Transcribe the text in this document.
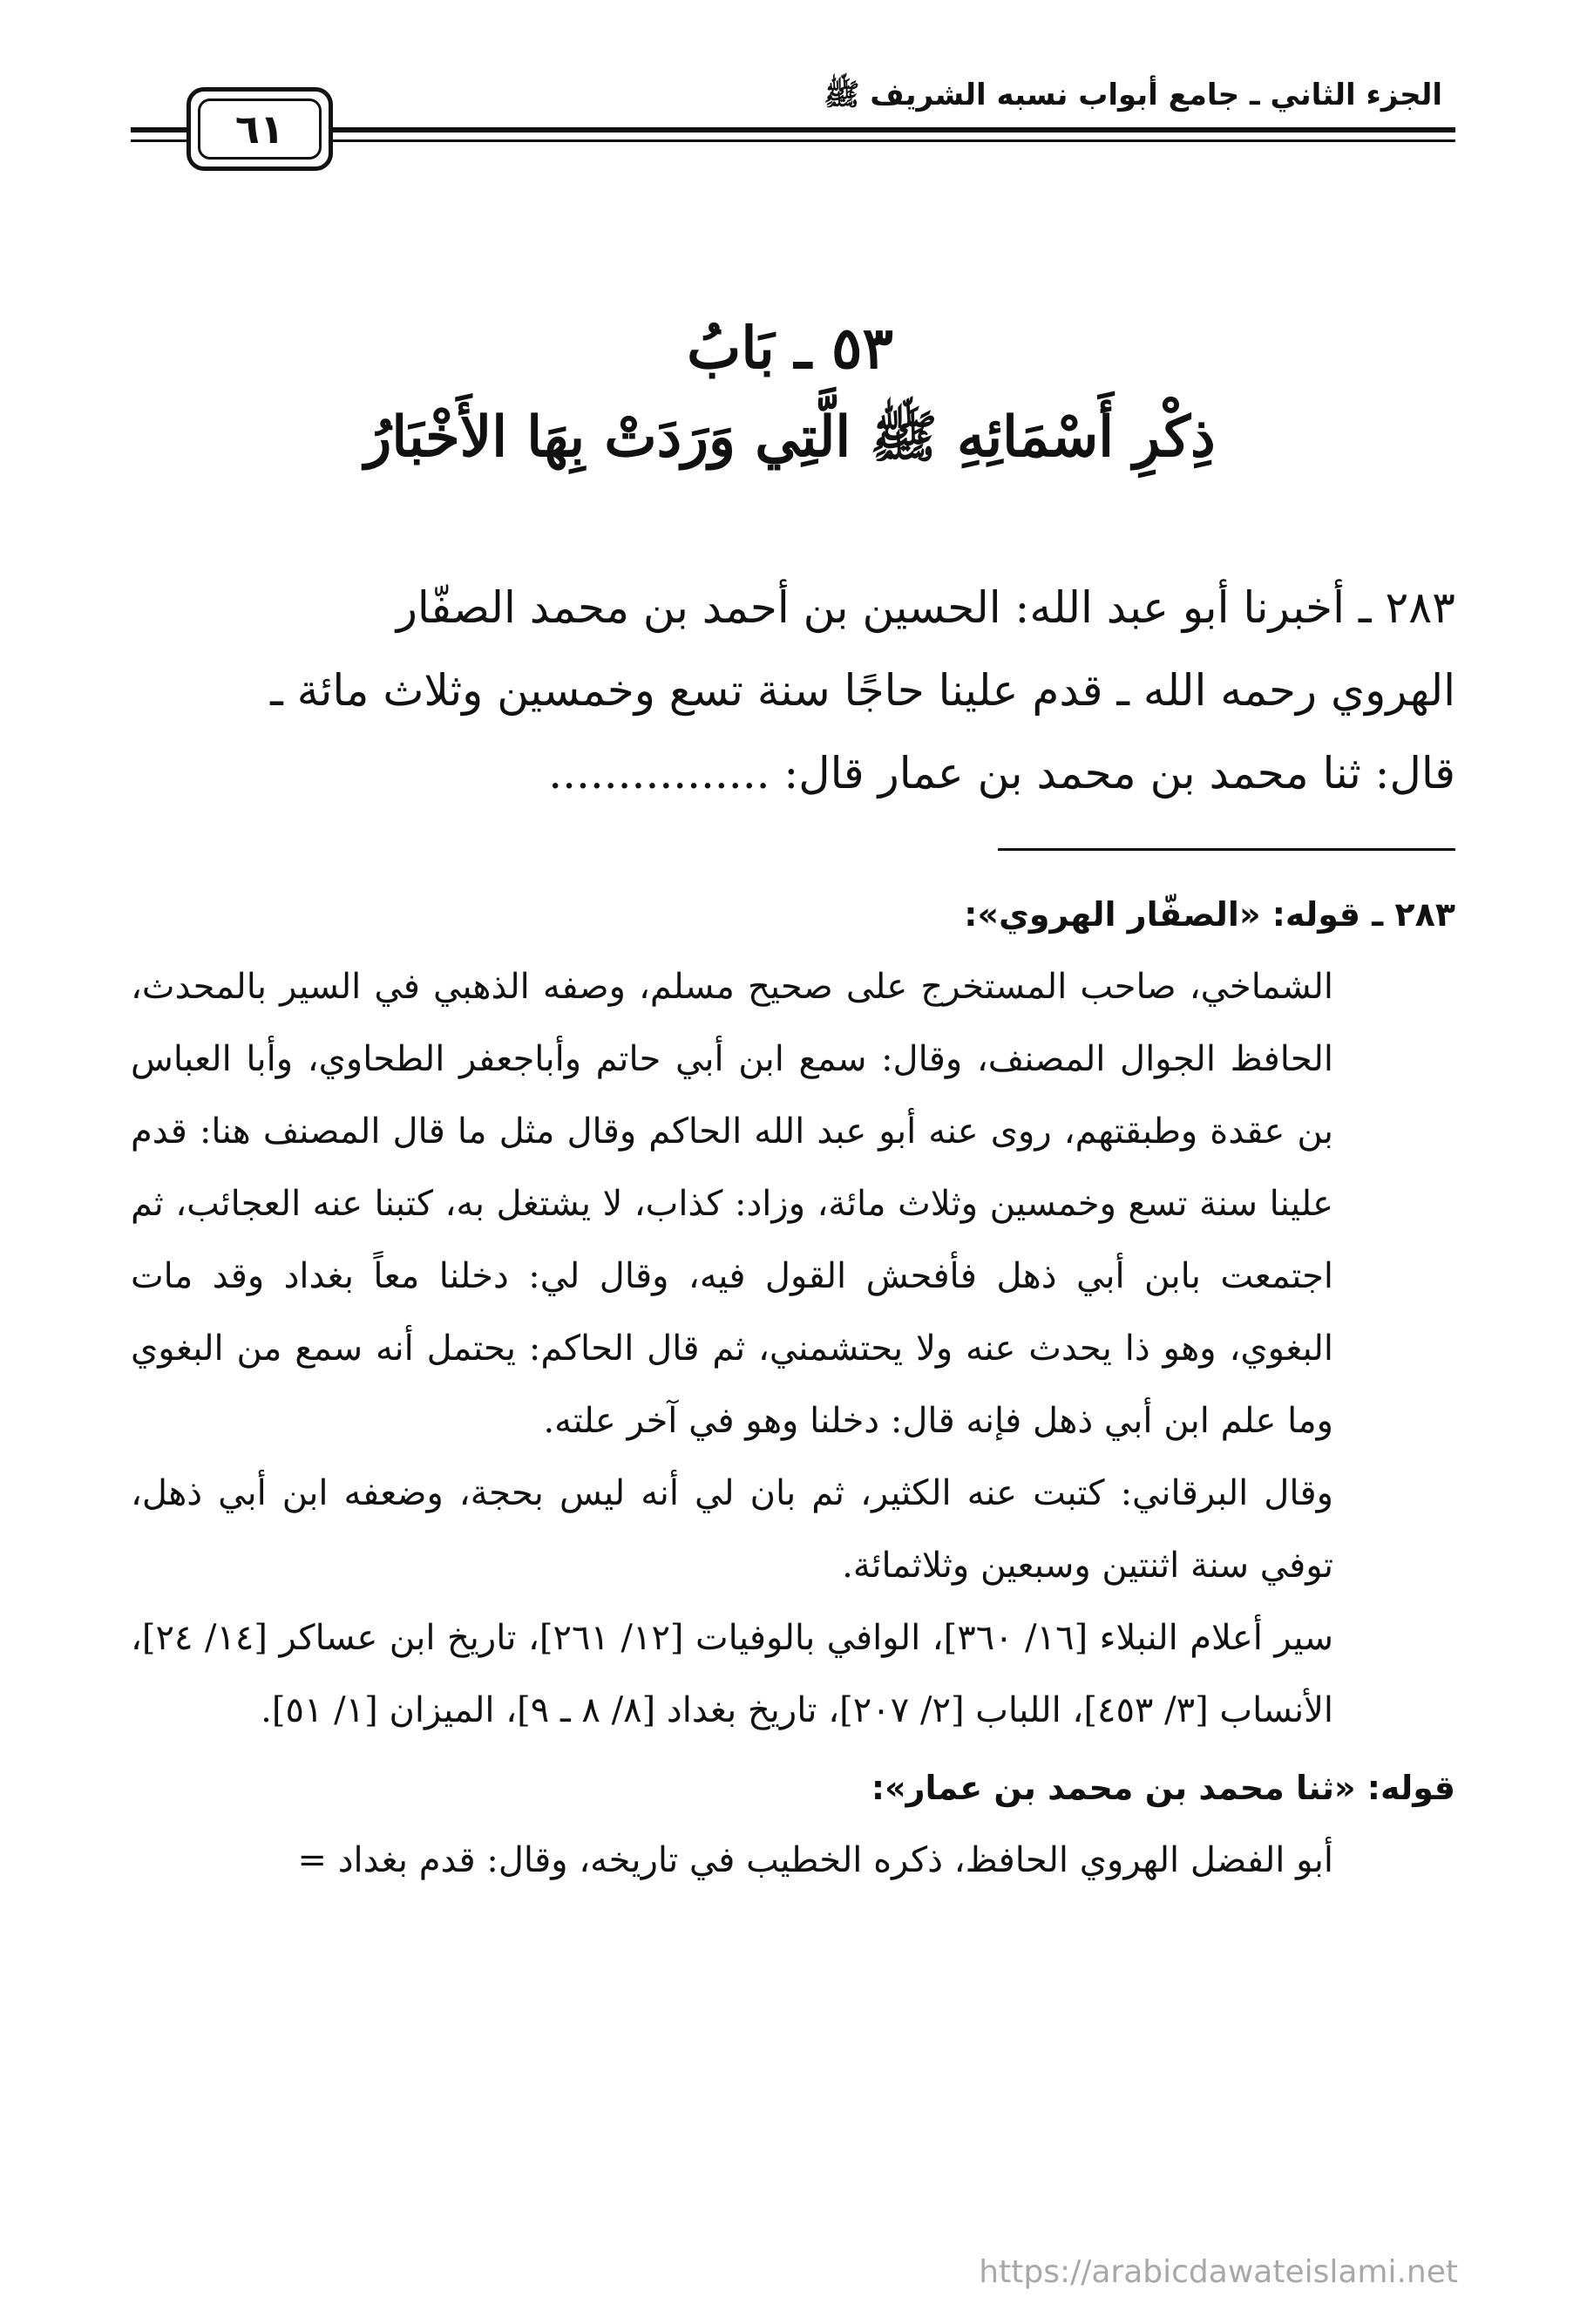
الجزء الثاني ـ جامع أبواب نسبه الشريف ﷺ
٦١
٥٣ ـ بَابُ
ذِكْرِ أَسْمَائِهِ ﷺ الَّتِي وَرَدَتْ بِهَا الأَخْبَارُ

٢٨٣ ـ أخبرنا أبو عبد الله: الحسين بن أحمد بن محمد الصفّار

الهروي رحمه الله ـ قدم علينا حاجًا سنة تسع وخمسين وثلاث مائة ـ

قال: ثنا محمد بن محمد بن عمار قال: ................

٢٨٣ ـ قوله: «الصفّار الهروي»:

الشماخي، صاحب المستخرج على صحيح مسلم، وصفه الذهبي في السير بالمحدث، الحافظ الجوال المصنف، وقال: سمع ابن أبي حاتم وأباجعفر الطحاوي، وأبا العباس بن عقدة وطبقتهم، روى عنه أبو عبد الله الحاكم وقال مثل ما قال المصنف هنا: قدم علينا سنة تسع وخمسين وثلاث مائة، وزاد: كذاب، لا يشتغل به، كتبنا عنه العجائب، ثم اجتمعت بابن أبي ذهل فأفحش القول فيه، وقال لي: دخلنا معاً بغداد وقد مات البغوي، وهو ذا يحدث عنه ولا يحتشمني، ثم قال الحاكم: يحتمل أنه سمع من البغوي وما علم ابن أبي ذهل فإنه قال: دخلنا وهو في آخر علته.

وقال البرقاني: كتبت عنه الكثير، ثم بان لي أنه ليس بحجة، وضعفه ابن أبي ذهل، توفي سنة اثنتين وسبعين وثلاثمائة.

سير أعلام النبلاء [١٦/ ٣٦٠]، الوافي بالوفيات [١٢/ ٢٦١]، تاريخ ابن عساكر [١٤/ ٢٤]، الأنساب [٣/ ٤٥٣]، اللباب [٢/ ٢٠٧]، تاريخ بغداد [٨/ ٨ ـ ٩]، الميزان [١/ ٥١].

قوله: «ثنا محمد بن محمد بن عمار»:

أبو الفضل الهروي الحافظ، ذكره الخطيب في تاريخه، وقال: قدم بغداد =

https://arabicdawateislami.net
